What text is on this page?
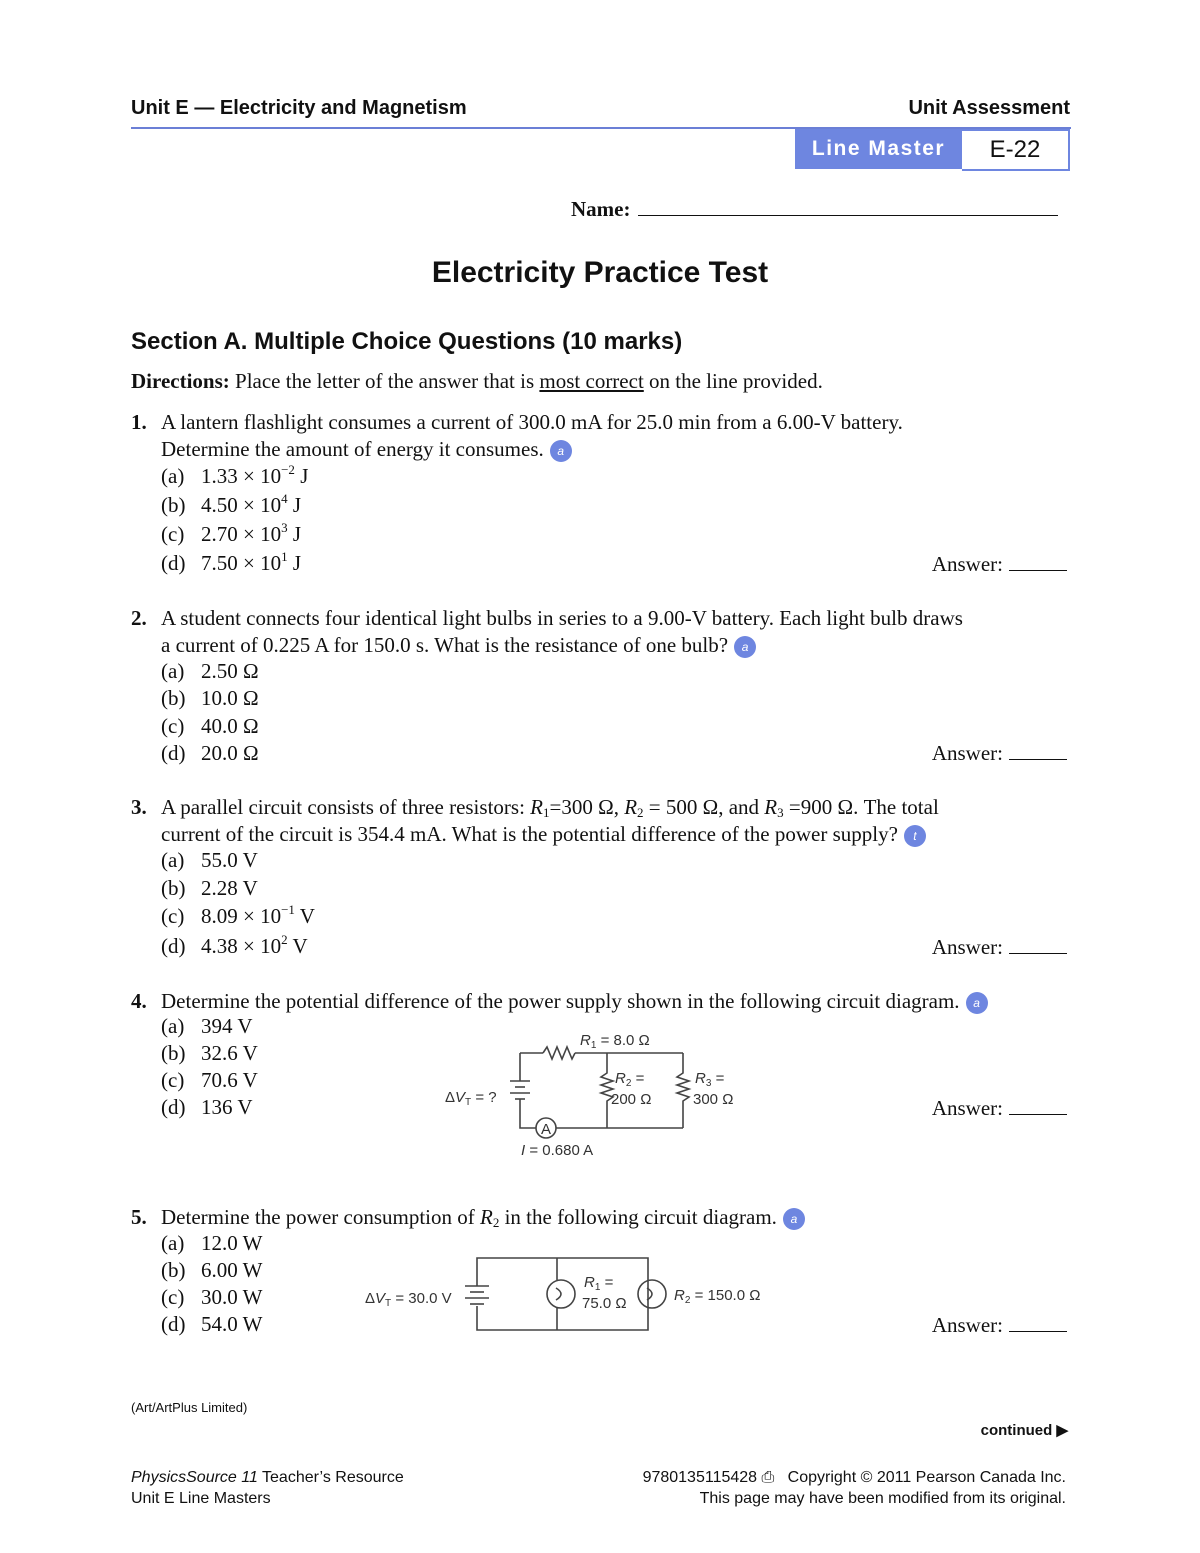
Unit E — Electricity and Magnetism	Unit Assessment
Line Master	E-22
Name:
Electricity Practice Test
Section A. Multiple Choice Questions (10 marks)
Directions: Place the letter of the answer that is most correct on the line provided.
1. A lantern flashlight consumes a current of 300.0 mA for 25.0 min from a 6.00-V battery.
Determine the amount of energy it consumes. a
(a) $1.33 \times 10^{-2}$ J
(b) $4.50 \times 10^4$ J
(c) $2.70 \times 10^3$ J
(d) $7.50 \times 10^1$ J	Answer:
2. A student connects four identical light bulbs in series to a 9.00-V battery. Each light bulb draws
a current of 0.225 A for 150.0 s. What is the resistance of one bulb? a
(a) 2.50 Ω
(b) 10.0 Ω
(c) 40.0 Ω
(d) 20.0 Ω	Answer:
3. A parallel circuit consists of three resistors: $R_1=300$ Ω, $R_2 = 500$ Ω, and $R_3 =900$ Ω. The total
current of the circuit is 354.4 mA. What is the potential difference of the power supply? t
(a) 55.0 V
(b) 2.28 V
(c) $8.09 \times 10^{-1}$ V
(d) $4.38 \times 10^2$ V	Answer:
4. Determine the potential difference of the power supply shown in the following circuit diagram. a
(a) 394 V
(b) 32.6 V
(c) 70.6 V
(d) 136 V	Answer:
$R_1 = 8.0$ Ω
$R_2$ =
200 Ω
$R_3$ =
300 Ω
$\Delta V_T$ = ?
A
I = 0.680 A
5. Determine the power consumption of $R_2$ in the following circuit diagram. a
(a) 12.0 W
(b) 6.00 W
(c) 30.0 W
(d) 54.0 W	Answer:
$\Delta V_T = 30.0$ V
$R_1$ =
75.0 Ω	$R_2 = 150.0$ Ω
(Art/ArtPlus Limited)
continued ▶
PhysicsSource 11 Teacher’s Resource
Unit E Line Masters
9780135115428 ⎙ Copyright © 2011 Pearson Canada Inc.
This page may have been modified from its original.
